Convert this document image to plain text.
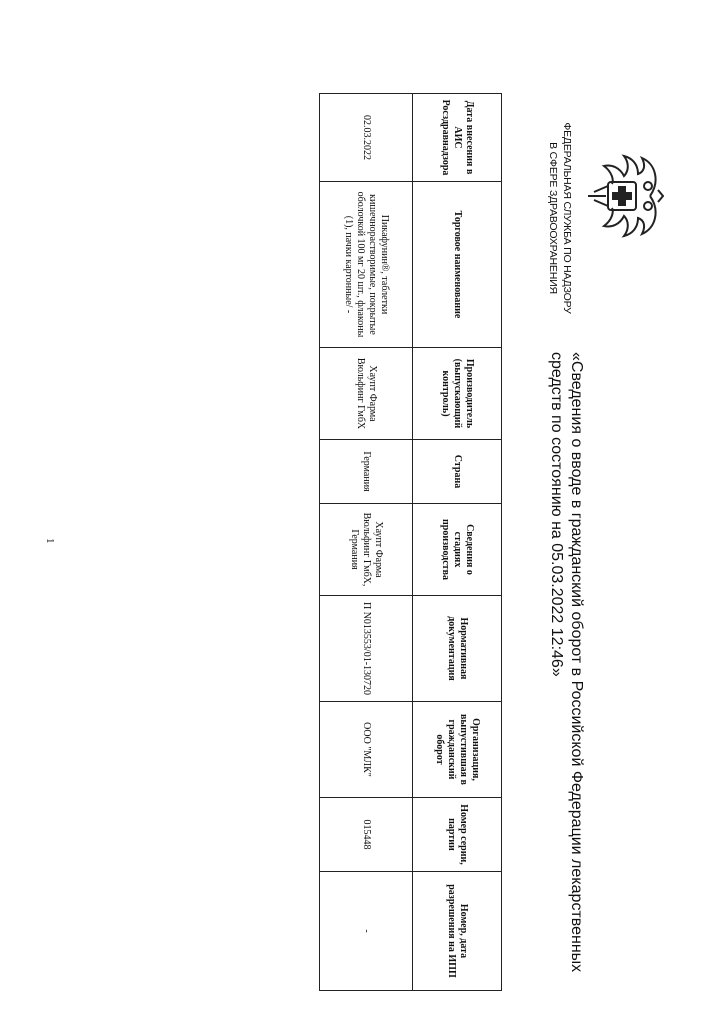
ФЕДЕРАЛЬНАЯ СЛУЖБА ПО НАДЗОРУ
В СФЕРЕ ЗДРАВООХРАНЕНИЯ
«Сведения о вводе в гражданский оборот в Российской Федерации лекарственных средств по состоянию на 05.03.2022 12:46»
Дата внесения в АИС Росздравнадзора	Торговое наименование	Производитель (выпускающий контроль)	Страна	Сведения о стадиях производства	Нормативная документация	Организация, выпустившая в гражданский оборот	Номер серии, партии	Номер, дата разрешения на ИПП
02.03.2022	Пикафунин®, таблетки кишечнорастворимые, покрытые оболочкой 100 мг 20 шт., флаконы (1), пачки картонные/ -	Хаупт Фарма Вюльфинг ГмбХ	Германия	Хаупт Фарма Вюльфинг ГмбХ, Германия	П N013553/01-130720	ООО "МЛК"	015448	-
1
